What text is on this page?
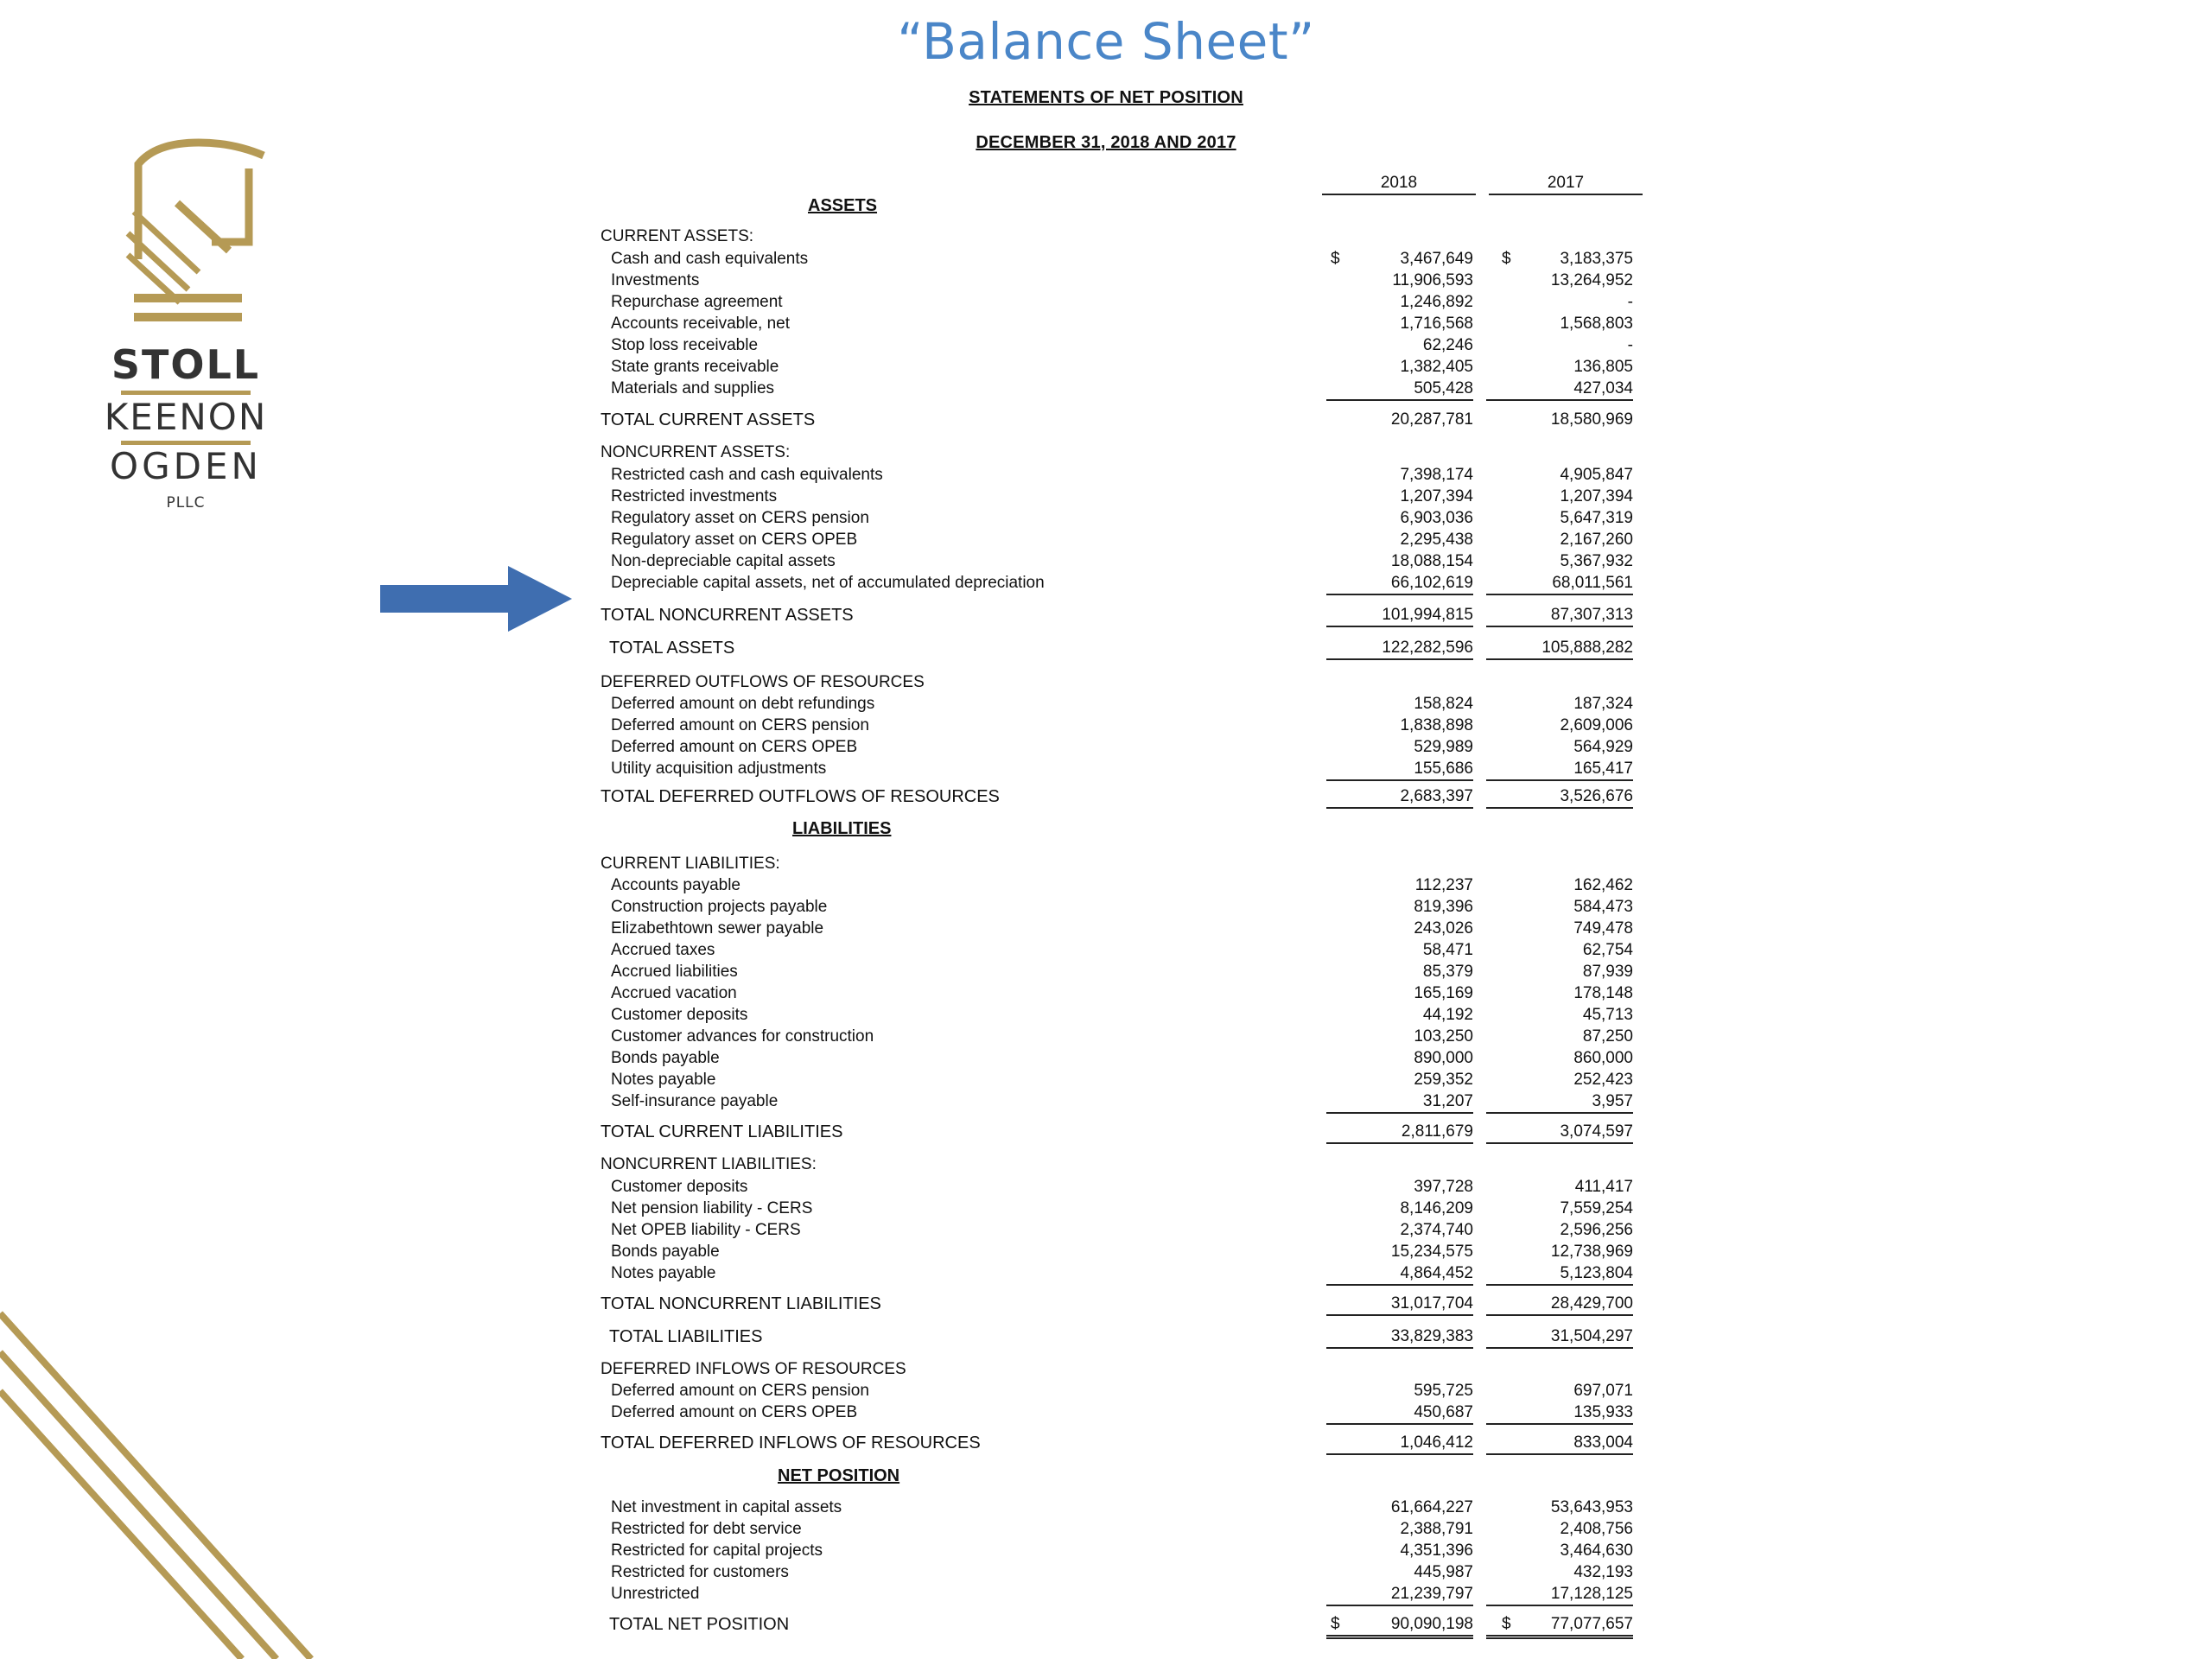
“Balance Sheet”
STATEMENTS OF NET POSITION
DECEMBER 31, 2018 AND 2017
STOLL
KEENON
OGDEN
PLLC
2018	2017
ASSETS
LIABILITIES
NET POSITION
CURRENT ASSETS:
Cash and cash equivalents	3,467,649	3,183,375
$	$
Investments	11,906,593	13,264,952
Repurchase agreement	1,246,892	-
Accounts receivable, net	1,716,568	1,568,803
Stop loss receivable	62,246	-
State grants receivable	1,382,405	136,805
Materials and supplies	505,428	427,034
TOTAL CURRENT ASSETS	20,287,781	18,580,969
NONCURRENT ASSETS:
Restricted cash and cash equivalents	7,398,174	4,905,847
Restricted investments	1,207,394	1,207,394
Regulatory asset on CERS pension	6,903,036	5,647,319
Regulatory asset on CERS OPEB	2,295,438	2,167,260
Non-depreciable capital assets	18,088,154	5,367,932
Depreciable capital assets, net of accumulated depreciation	66,102,619	68,011,561
TOTAL NONCURRENT ASSETS	101,994,815	87,307,313
TOTAL ASSETS	122,282,596	105,888,282
DEFERRED OUTFLOWS OF RESOURCES
Deferred amount on debt refundings	158,824	187,324
Deferred amount on CERS pension	1,838,898	2,609,006
Deferred amount on CERS OPEB	529,989	564,929
Utility acquisition adjustments	155,686	165,417
TOTAL DEFERRED OUTFLOWS OF RESOURCES	2,683,397	3,526,676
CURRENT LIABILITIES:
Accounts payable	112,237	162,462
Construction projects payable	819,396	584,473
Elizabethtown sewer payable	243,026	749,478
Accrued taxes	58,471	62,754
Accrued liabilities	85,379	87,939
Accrued vacation	165,169	178,148
Customer deposits	44,192	45,713
Customer advances for construction	103,250	87,250
Bonds payable	890,000	860,000
Notes payable	259,352	252,423
Self-insurance payable	31,207	3,957
TOTAL CURRENT LIABILITIES	2,811,679	3,074,597
NONCURRENT LIABILITIES:
Customer deposits	397,728	411,417
Net pension liability - CERS	8,146,209	7,559,254
Net OPEB liability - CERS	2,374,740	2,596,256
Bonds payable	15,234,575	12,738,969
Notes payable	4,864,452	5,123,804
TOTAL NONCURRENT LIABILITIES	31,017,704	28,429,700
TOTAL LIABILITIES	33,829,383	31,504,297
DEFERRED INFLOWS OF RESOURCES
Deferred amount on CERS pension	595,725	697,071
Deferred amount on CERS OPEB	450,687	135,933
TOTAL DEFERRED INFLOWS OF RESOURCES	1,046,412	833,004
Net investment in capital assets	61,664,227	53,643,953
Restricted for debt service	2,388,791	2,408,756
Restricted for capital projects	4,351,396	3,464,630
Restricted for customers	445,987	432,193
Unrestricted	21,239,797	17,128,125
TOTAL NET POSITION	90,090,198	77,077,657
$	$
